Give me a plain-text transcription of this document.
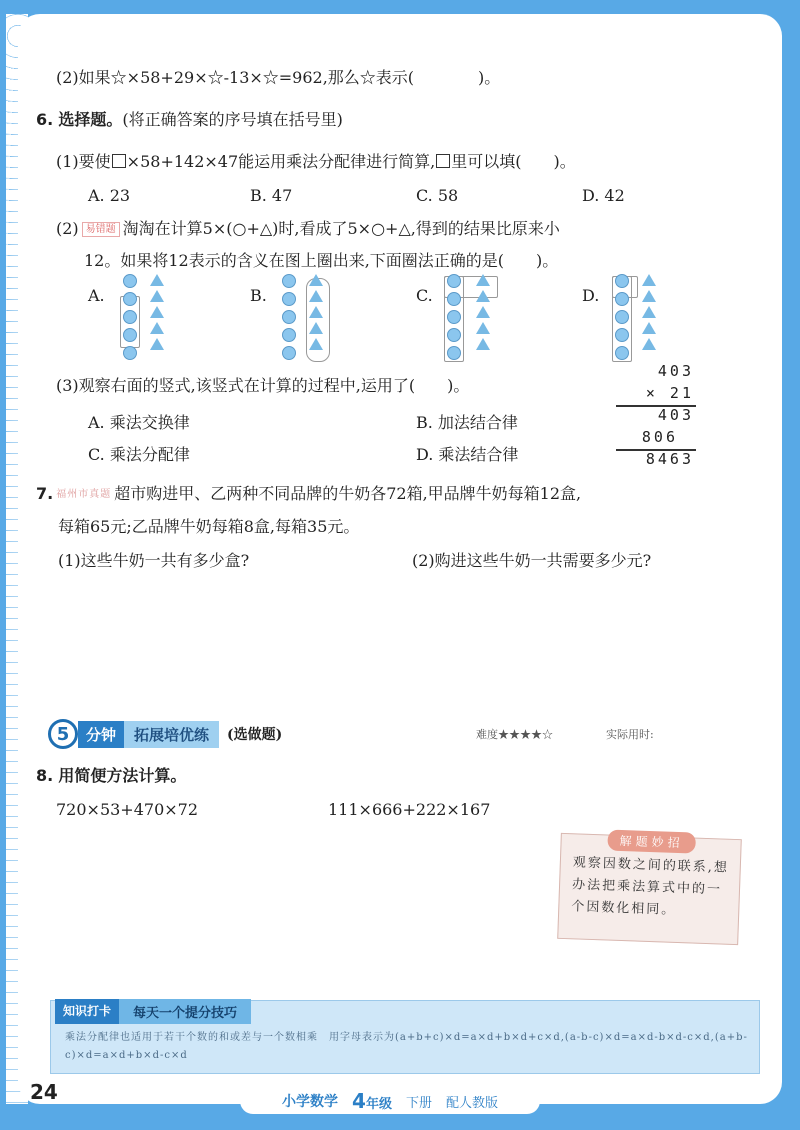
(2)如果☆×58+29×☆-13×☆=962,那么☆表示(　　　　)。
6. 选择题。(将正确答案的序号填在括号里)
(1)要使 ×58+142×47能运用乘法分配律进行简算, 里可以填(　　)。
A. 23	B. 47	C. 58	D. 42
(2) 易错题 淘淘在计算5×(○+△)时,看成了5×○+△,得到的结果比原来小
12。如果将12表示的含义在图上圈出来,下面圈法正确的是(　　)。
A.	B.	C.	D.
(3)观察右面的竖式,该竖式在计算的过程中,运用了(　　)。
A. 乘法交换律	B. 加法结合律
C. 乘法分配律	D. 乘法结合律
403
× 21
403
806
8463
7. 福州市真题 超市购进甲、乙两种不同品牌的牛奶各72箱,甲品牌牛奶每箱12盒,
每箱65元;乙品牌牛奶每箱8盒,每箱35元。
(1)这些牛奶一共有多少盒?	(2)购进这些牛奶一共需要多少元?
5	分钟	拓展培优练	(选做题)	难度★★★★☆	实际用时:
8. 用简便方法计算。
720×53+470×72	111×666+222×167
解题妙招
观察因数之间的联系,想办法把乘法算式中的一个因数化相同。
知识打卡	每天一个提分技巧
乘法分配律也适用于若干个数的和或差与一个数相乘　用字母表示为(a+b+c)×d=a×d+b×d+c×d,(a-b-c)×d=a×d-b×d-c×d,(a+b-c)×d=a×d+b×d-c×d
24	小学数学 4年级 下册 配人教版
